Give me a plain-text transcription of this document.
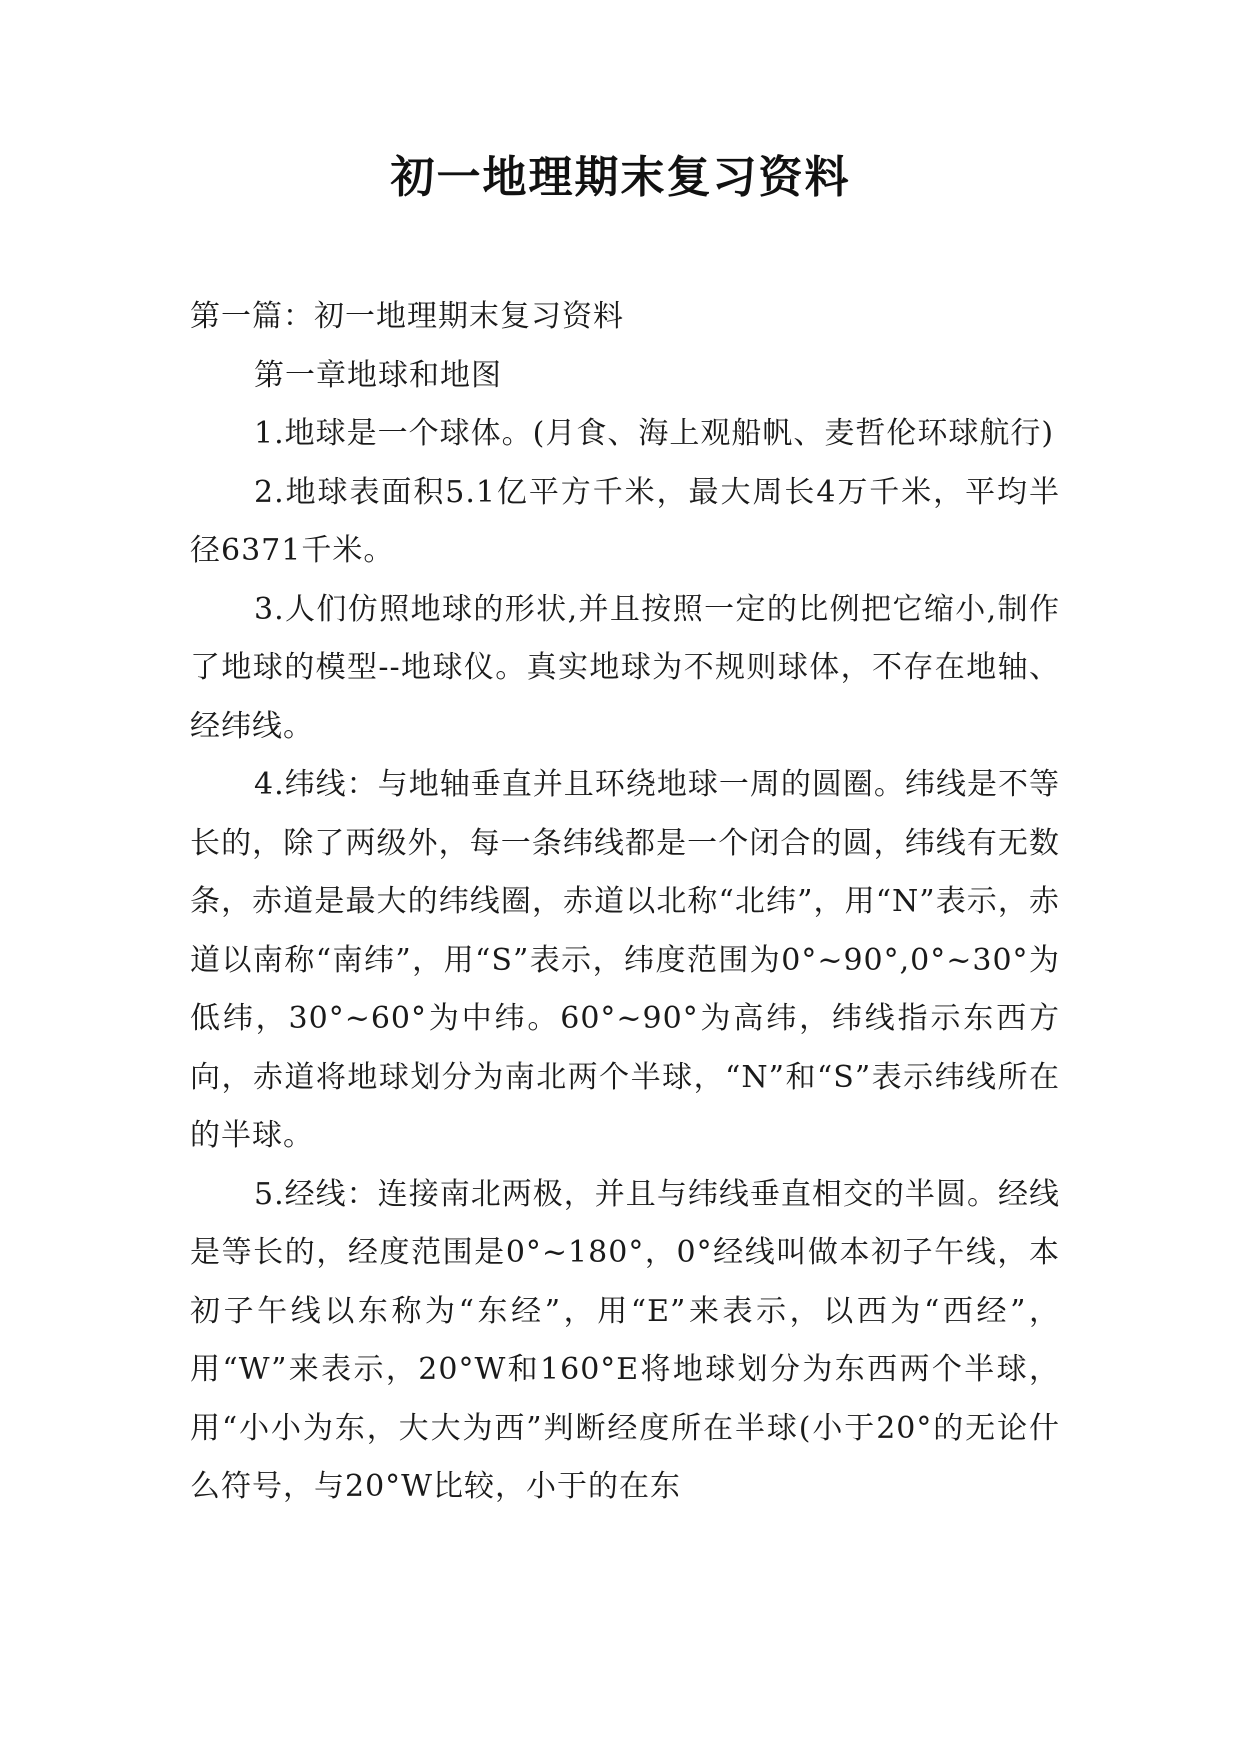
初一地理期末复习资料

第一篇：初一地理期末复习资料

第一章地球和地图

1.地球是一个球体。(月食、海上观船帆、麦哲伦环球航行)

2.地球表面积5.1亿平方千米，最大周长4万千米，平均半径6371千米。

3.人们仿照地球的形状,并且按照一定的比例把它缩小,制作了地球的模型--地球仪。真实地球为不规则球体，不存在地轴、经纬线。

4.纬线：与地轴垂直并且环绕地球一周的圆圈。纬线是不等长的，除了两级外，每一条纬线都是一个闭合的圆，纬线有无数条，赤道是最大的纬线圈，赤道以北称“北纬”，用“N”表示，赤道以南称“南纬”，用“S”表示，纬度范围为0°~90°,0°~30°为低纬，30°~60°为中纬。60°~90°为高纬，纬线指示东西方向，赤道将地球划分为南北两个半球，“N”和“S”表示纬线所在的半球。

5.经线：连接南北两极，并且与纬线垂直相交的半圆。经线是等长的，经度范围是0°~180°，0°经线叫做本初子午线，本初子午线以东称为“东经”，用“E”来表示，以西为“西经”，用“W”来表示，20°W和160°E将地球划分为东西两个半球，用“小小为东，大大为西”判断经度所在半球(小于20°的无论什么符号，与20°W比较，小于的在东
